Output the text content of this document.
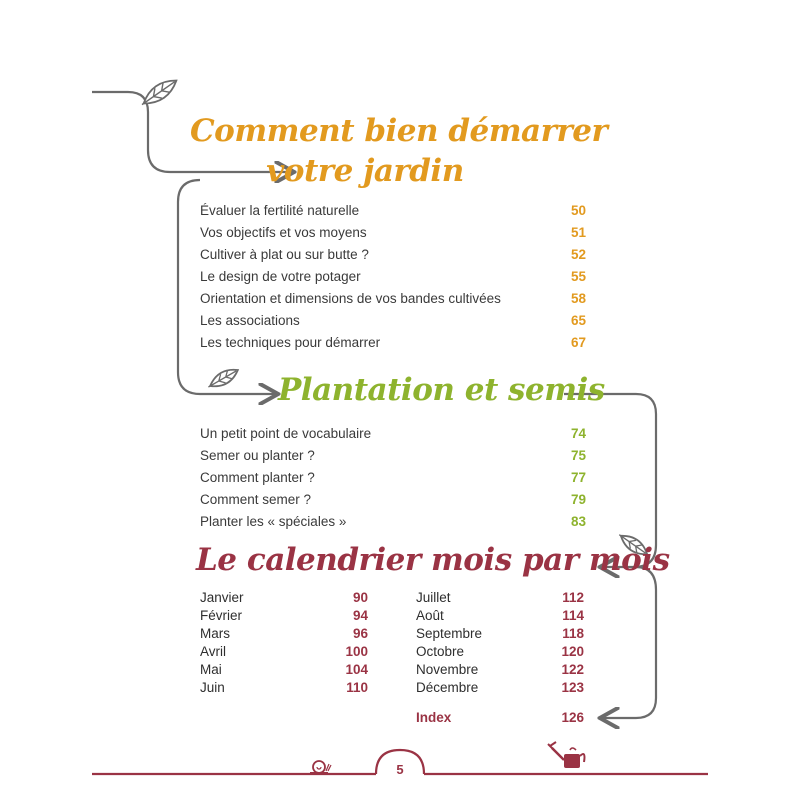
Comment bien démarrer
votre jardin
Évaluer la fertilité naturelle	50
Vos objectifs et vos moyens	51
Cultiver à plat ou sur butte ?	52
Le design de votre potager	55
Orientation et dimensions de vos bandes cultivées	58
Les associations	65
Les techniques pour démarrer	67
Plantation et semis
Un petit point de vocabulaire	74
Semer ou planter ?	75
Comment planter ?	77
Comment semer ?	79
Planter les « spéciales »	83
Le calendrier mois par mois
Janvier	90
Février	94
Mars	96
Avril	100
Mai	104
Juin	110
Juillet	112
Août	114
Septembre	118
Octobre	120
Novembre	122
Décembre	123
Index	126
5
